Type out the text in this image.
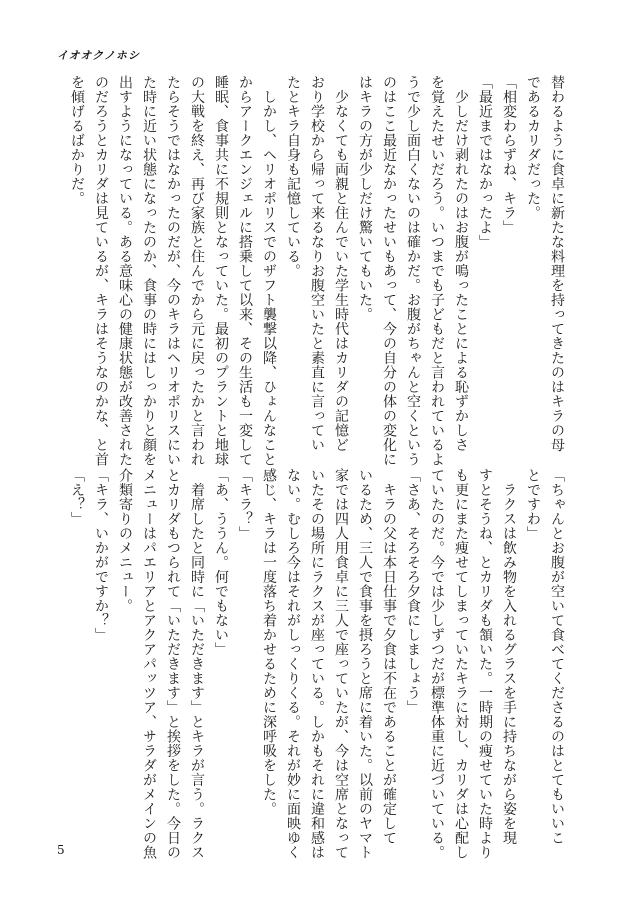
イオオクノホシ

替わるように食卓に新たな料理を持ってきたのはキラの母

であるカリダだった。

「相変わらずね、キラ」

「最近まではなかったよ」

　少しだけ剥れたのはお腹が鳴ったことによる恥ずかしさ

を覚えたせいだろう。いつまでも子どもだと言われているよ

うで少し面白くないのは確かだ。お腹がちゃんと空くという

のはここ最近なかったせいもあって、今の自分の体の変化に

はキラの方が少しだけ驚いてもいた。

　少なくても両親と住んでいた学生時代はカリダの記憶ど

おり学校から帰って来るなりお腹空いたと素直に言ってい

たとキラ自身も記憶している。

　しかし、ヘリオポリスでのザフト襲撃以降、ひょんなこと

からアークエンジェルに搭乗して以来、その生活も一変して

睡眠、食事共に不規則となっていた。最初のプラントと地球

の大戦を終え、再び家族と住んでから元に戻ったかと言われ

たらそうではなかったのだが、今のキラはヘリオポリスにい

た時に近い状態になったのか、食事の時にはしっかりと顔を

出すようになっている。ある意味心の健康状態が改善された

のだろうとカリダは見ているが、キラはそうなのかな、と首

を傾げるばかりだ。

「ちゃんとお腹が空いて食べてくださるのはとてもいいこ

とですわ」

　ラクスは飲み物を入れるグラスを手に持ちながら姿を現

すとそうね、とカリダも頷いた。一時期の痩せていた時より

も更にまた痩せてしまっていたキラに対し、カリダは心配し

ていたのだ。今では少しずつだが標準体重に近づいている。

「さあ、そろそろ夕食にしましょう」

　キラの父は本日仕事で夕食は不在であることが確定して

いるため、三人で食事を摂ろうと席に着いた。以前のヤマト

家では四人用食卓に三人で座っていたが、今は空席となって

いたその場所にラクスが座っている。しかもそれに違和感は

ない。むしろ今はそれがしっくりくる。それが妙に面映ゆく

感じ、キラは一度落ち着かせるために深呼吸をした。

「キラ？」

「あ、ううん。何でもない」

　着席したと同時に「いただきます」とキラが言う。ラクス

とカリダもつられて「いただきます」と挨拶をした。今日の

メニューはパエリアとアクアパッツア、サラダがメインの魚

介類寄りのメニュー。

「キラ、いかがですか？」

「え？」

5
